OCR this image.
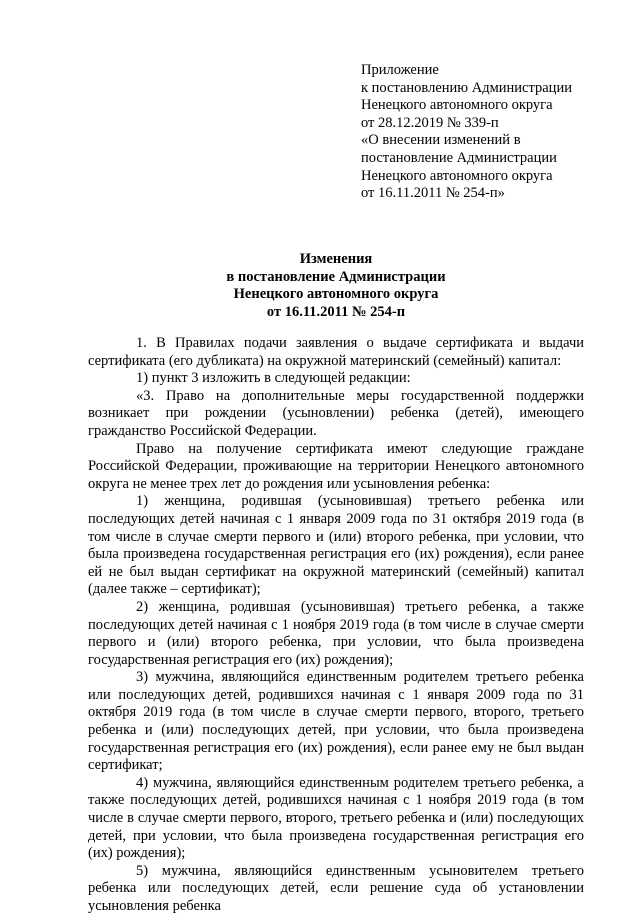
Приложение
к постановлению Администрации
Ненецкого автономного округа
от 28.12.2019 № 339-п
«О внесении изменений в
постановление Администрации
Ненецкого автономного округа
от 16.11.2011 № 254-п»
Изменения
в постановление Администрации
Ненецкого автономного округа
от 16.11.2011 № 254-п

1. В Правилах подачи заявления о выдаче сертификата и выдачи сертификата (его дубликата) на окружной материнский (семейный) капитал:

1) пункт 3 изложить в следующей редакции:

«3. Право на дополнительные меры государственной поддержки возникает при рождении (усыновлении) ребенка (детей), имеющего гражданство Российской Федерации.

Право на получение сертификата имеют следующие граждане Российской Федерации, проживающие на территории Ненецкого автономного округа не менее трех лет до рождения или усыновления ребенка:

1) женщина, родившая (усыновившая) третьего ребенка или последующих детей начиная с 1 января 2009 года по 31 октября 2019 года (в том числе в случае смерти первого и (или) второго ребенка, при условии, что была произведена государственная регистрация его (их) рождения), если ранее ей не был выдан сертификат на окружной материнский (семейный) капитал (далее также – сертификат);

2) женщина, родившая (усыновившая) третьего ребенка, а также последующих детей начиная с 1 ноября 2019 года (в том числе в случае смерти первого и (или) второго ребенка, при условии, что была произведена государственная регистрация его (их) рождения);

3) мужчина, являющийся единственным родителем третьего ребенка или последующих детей, родившихся начиная с 1 января 2009 года по 31 октября 2019 года (в том числе в случае смерти первого, второго, третьего ребенка и (или) последующих детей, при условии, что была произведена государственная регистрация его (их) рождения), если ранее ему не был выдан сертификат;

4) мужчина, являющийся единственным родителем третьего ребенка, а также последующих детей, родившихся начиная с 1 ноября 2019 года (в том числе в случае смерти первого, второго, третьего ребенка и (или) последующих детей, при условии, что была произведена государственная регистрация его (их) рождения);

5) мужчина, являющийся единственным усыновителем третьего ребенка или последующих детей, если решение суда об установлении усыновления ребенка
